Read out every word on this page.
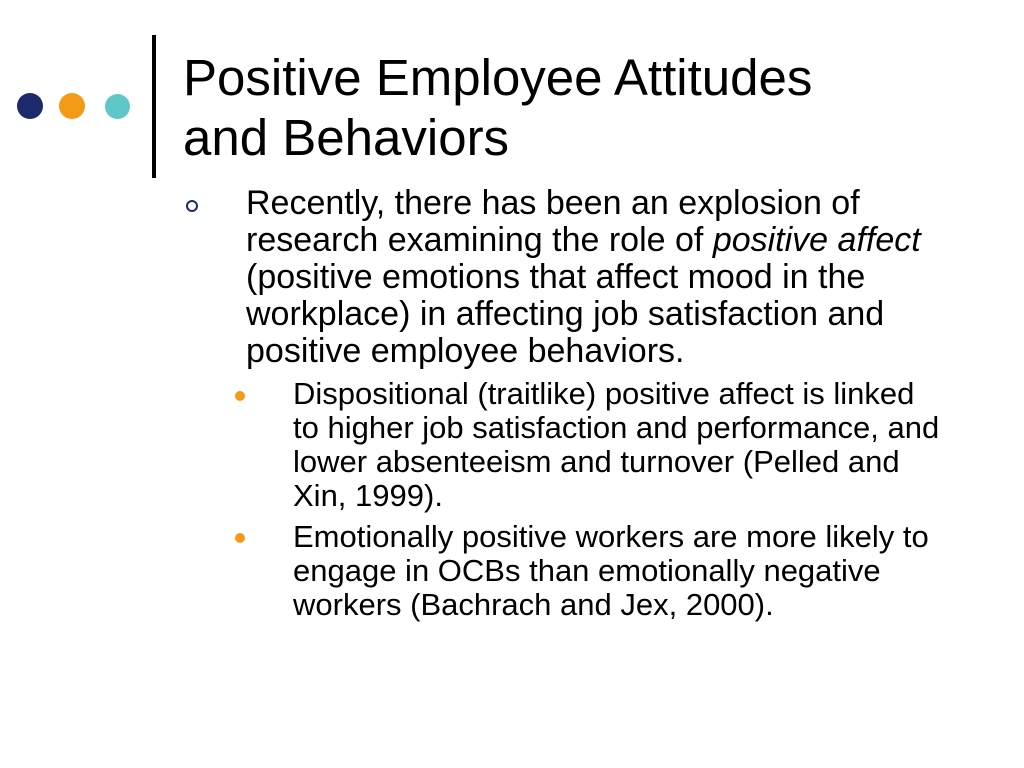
Positive Employee Attitudes
and Behaviors
Recently, there has been an explosion of
research examining the role of positive affect
(positive emotions that affect mood in the
workplace) in affecting job satisfaction and
positive employee behaviors.
Dispositional (traitlike) positive affect is linked
to higher job satisfaction and performance, and
lower absenteeism and turnover (Pelled and
Xin, 1999).
Emotionally positive workers are more likely to
engage in OCBs than emotionally negative
workers (Bachrach and Jex, 2000).
